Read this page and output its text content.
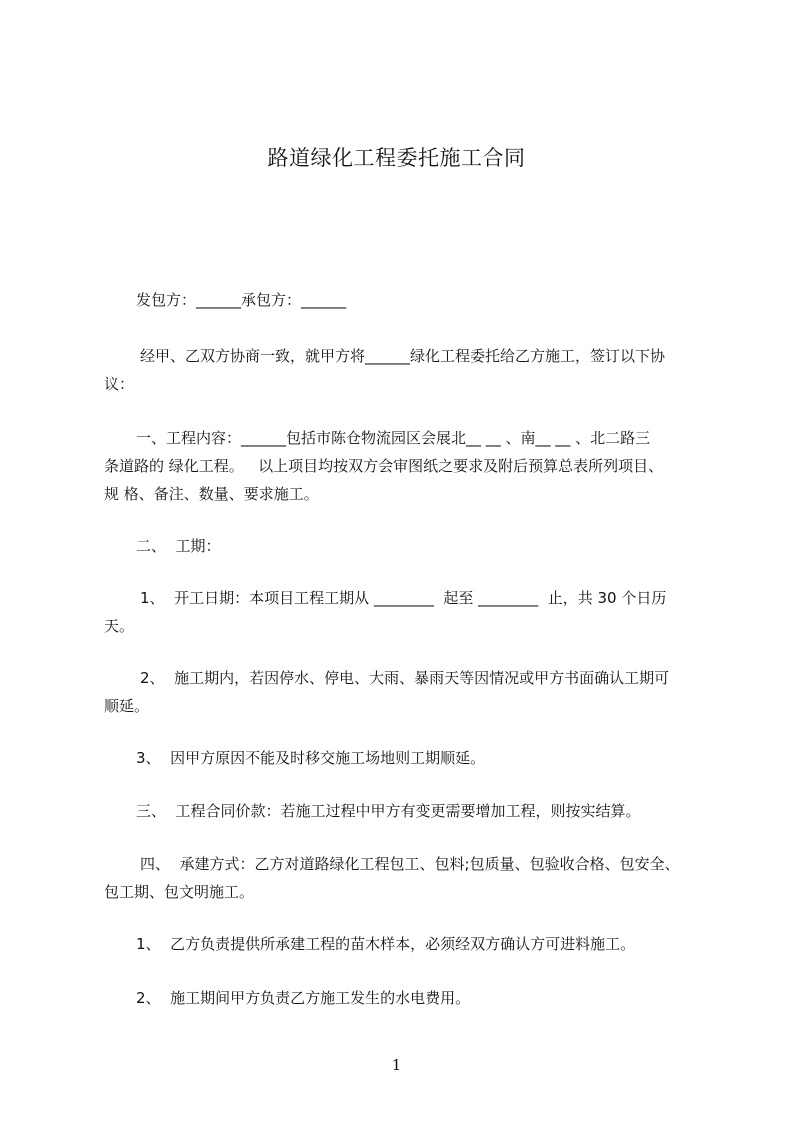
路道绿化工程委托施工合同
发包方：______承包方：______
经甲、乙双方协商一致，就甲方将______绿化工程委托给乙方施工，签订以下协
议：
一、工程内容：______包括市陈仓物流园区会展北__ __ 、南__ __ 、北二路三
条道路的 绿化工程。   以上项目均按双方会审图纸之要求及附后预算总表所列项目、
规 格、备注、数量、要求施工。
二、  工期：
1、  开工日期：本项目工程工期从 ________  起至 ________  止，共 30 个日历
天。
2、  施工期内，若因停水、停电、大雨、暴雨天等因情况或甲方书面确认工期可
顺延。
3、  因甲方原因不能及时移交施工场地则工期顺延。
三、  工程合同价款：若施工过程中甲方有变更需要增加工程，则按实结算。
四、  承建方式：乙方对道路绿化工程包工、包料;包质量、包验收合格、包安全、
包工期、包文明施工。
1、  乙方负责提供所承建工程的苗木样本，必须经双方确认方可进料施工。
2、  施工期间甲方负责乙方施工发生的水电费用。
1
